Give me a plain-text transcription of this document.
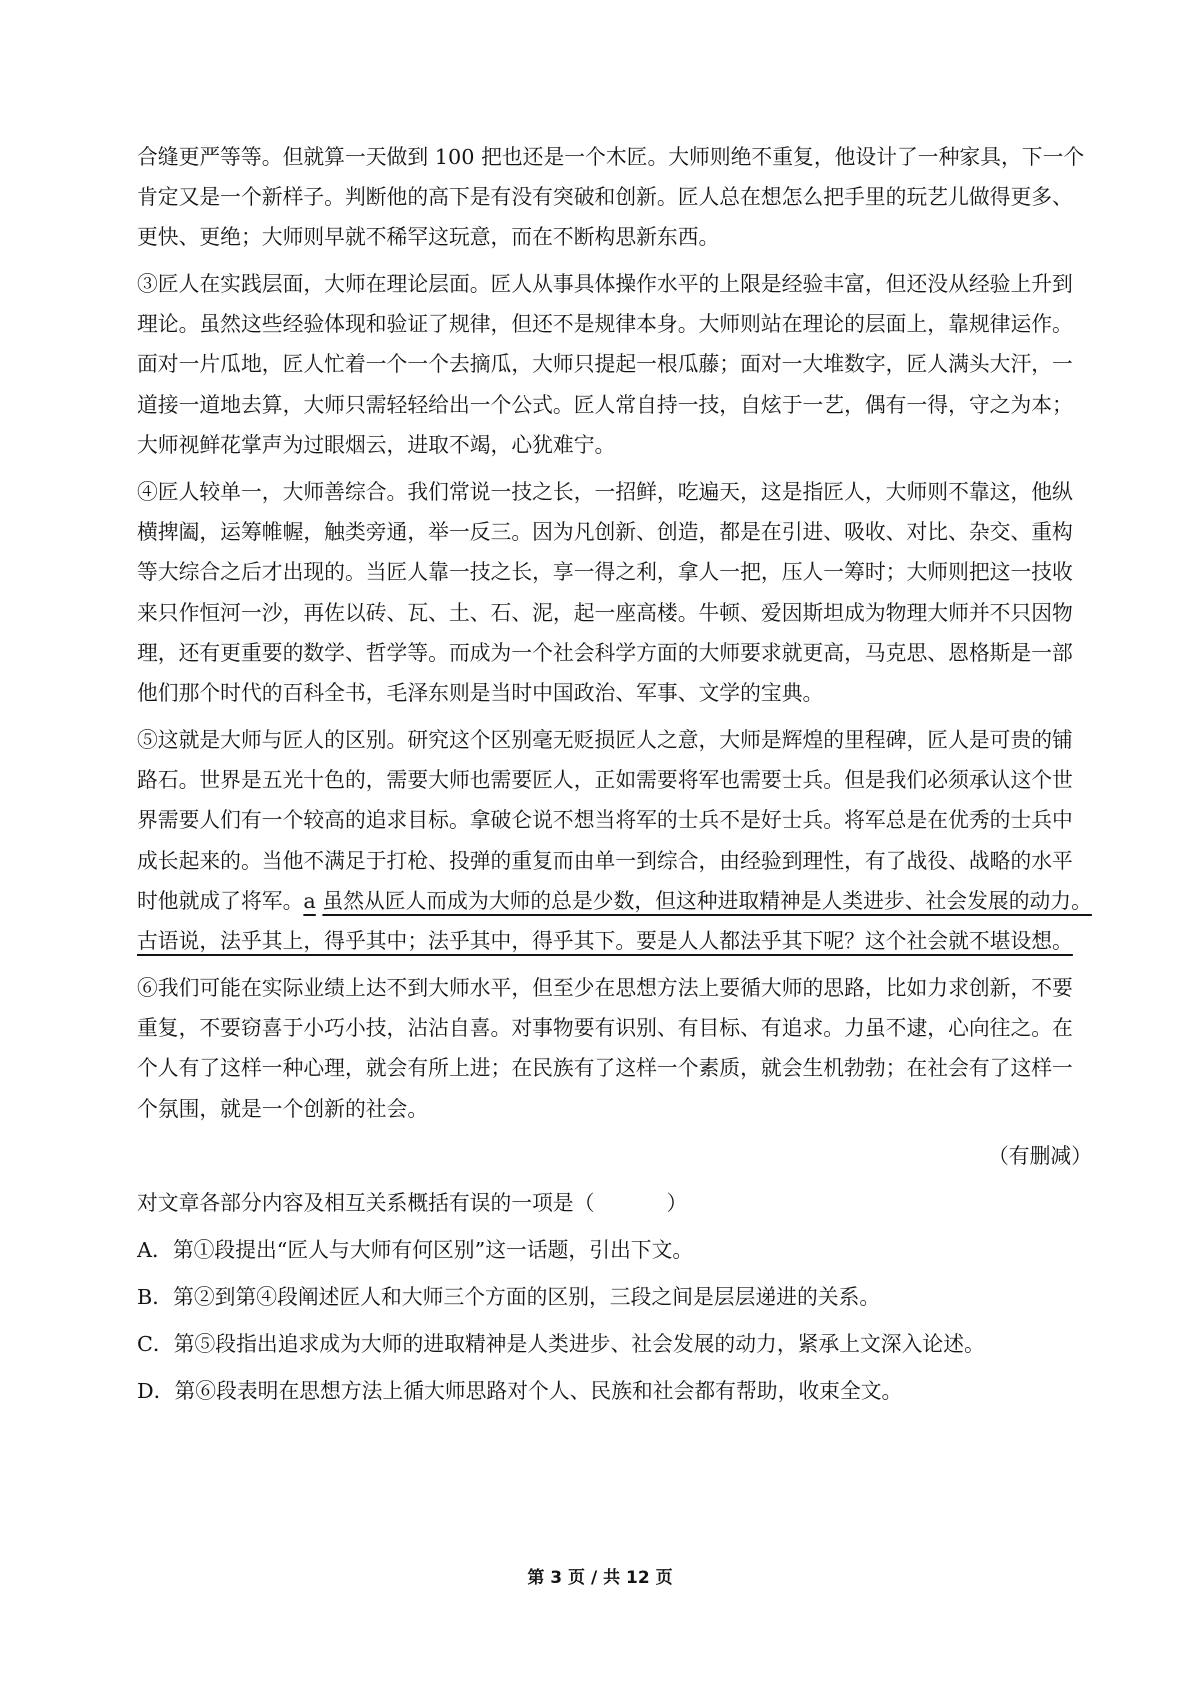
合缝更严等等。但就算一天做到 100 把也还是一个木匠。大师则绝不重复，他设计了一种家具，下一个
肯定又是一个新样子。判断他的高下是有没有突破和创新。匠人总在想怎么把手里的玩艺儿做得更多、
更快、更绝；大师则早就不稀罕这玩意，而在不断构思新东西。
③匠人在实践层面，大师在理论层面。匠人从事具体操作水平的上限是经验丰富，但还没从经验上升到
理论。虽然这些经验体现和验证了规律，但还不是规律本身。大师则站在理论的层面上，靠规律运作。
面对一片瓜地，匠人忙着一个一个去摘瓜，大师只提起一根瓜藤；面对一大堆数字，匠人满头大汗，一
道接一道地去算，大师只需轻轻给出一个公式。匠人常自持一技，自炫于一艺，偶有一得，守之为本；
大师视鲜花掌声为过眼烟云，进取不竭，心犹难宁。
④匠人较单一，大师善综合。我们常说一技之长，一招鲜，吃遍天，这是指匠人，大师则不靠这，他纵
横捭阖，运筹帷幄，触类旁通，举一反三。因为凡创新、创造，都是在引进、吸收、对比、杂交、重构
等大综合之后才出现的。当匠人靠一技之长，享一得之利，拿人一把，压人一筹时；大师则把这一技收
来只作恒河一沙，再佐以砖、瓦、土、石、泥，起一座高楼。牛顿、爱因斯坦成为物理大师并不只因物
理，还有更重要的数学、哲学等。而成为一个社会科学方面的大师要求就更高，马克思、恩格斯是一部
他们那个时代的百科全书，毛泽东则是当时中国政治、军事、文学的宝典。
⑤这就是大师与匠人的区别。研究这个区别毫无贬损匠人之意，大师是辉煌的里程碑，匠人是可贵的铺
路石。世界是五光十色的，需要大师也需要匠人，正如需要将军也需要士兵。但是我们必须承认这个世
界需要人们有一个较高的追求目标。拿破仑说不想当将军的士兵不是好士兵。将军总是在优秀的士兵中
成长起来的。当他不满足于打枪、投弹的重复而由单一到综合，由经验到理性，有了战役、战略的水平
时他就成了将军。a 虽然从匠人而成为大师的总是少数，但这种进取精神是人类进步、社会发展的动力。
古语说，法乎其上，得乎其中；法乎其中，得乎其下。要是人人都法乎其下呢？这个社会就不堪设想。
⑥我们可能在实际业绩上达不到大师水平，但至少在思想方法上要循大师的思路，比如力求创新，不要
重复，不要窃喜于小巧小技，沾沾自喜。对事物要有识别、有目标、有追求。力虽不逮，心向往之。在
个人有了这样一种心理，就会有所上进；在民族有了这样一个素质，就会生机勃勃；在社会有了这样一
个氛围，就是一个创新的社会。
（有删减）
对文章各部分内容及相互关系概括有误的一项是（	）
A．第①段提出“匠人与大师有何区别”这一话题，引出下文。
B．第②到第④段阐述匠人和大师三个方面的区别，三段之间是层层递进的关系。
C．第⑤段指出追求成为大师的进取精神是人类进步、社会发展的动力，紧承上文深入论述。
D．第⑥段表明在思想方法上循大师思路对个人、民族和社会都有帮助，收束全文。
第 3 页 / 共 12 页
